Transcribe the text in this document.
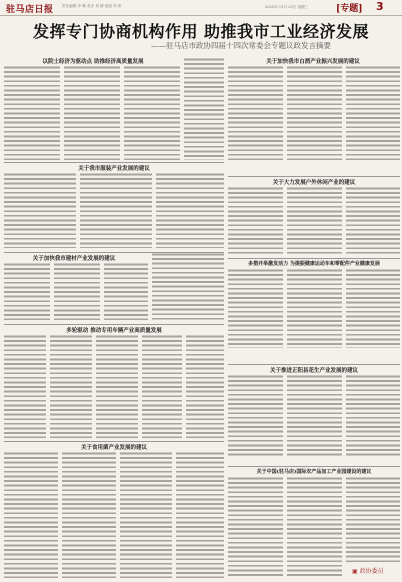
驻马店日报 责任编辑 李 琳 美术 刘 静 组版 李 妍	2020年 11月 25日 星期三	[专题] 3
发挥专门协商机构作用 助推我市工业经济发展
——驻马店市政协四届十四次常委会专题议政发言摘要
以院士经济为驱动点 助推经济高质量发展	关于加快我市白酒产业振兴发展的建议
关于我市服装产业发展的建议
关于大力发展户外休闲产业的建议
关于加快我市建材产业发展的建议
多措并举激发活力 为提振健康运动车和零配件产业健康发展
多轮驱动 推动专用车辆产业高质量发展
关于推进正阳县花生产业发展的建议
关于食用菌产业发展的建议
关于中国(驻马店)国际农产品加工产业园建设的建议
▣ 政协委员
